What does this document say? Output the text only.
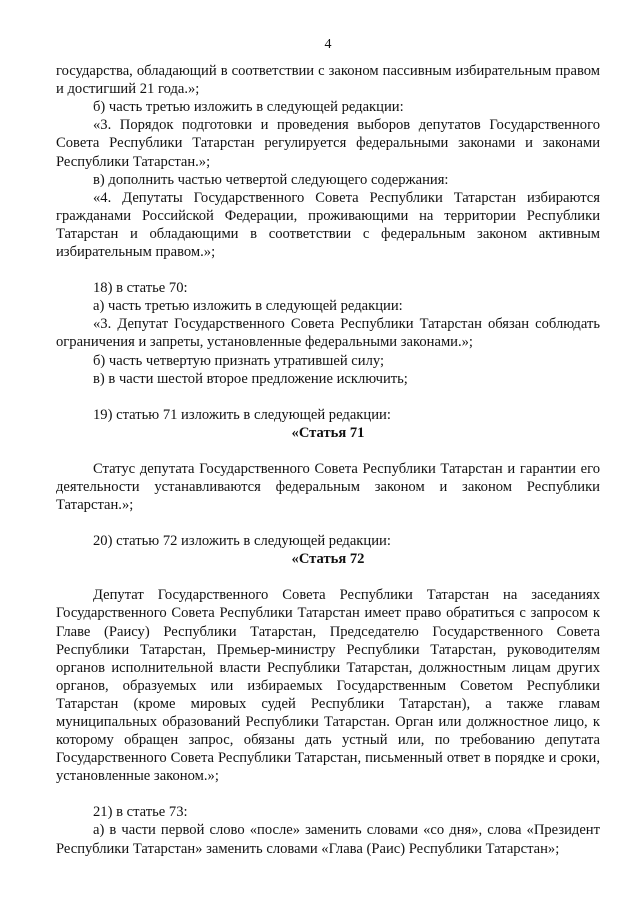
4

государства, обладающий в соответствии с законом пассивным избирательным правом и достигший 21 года.»;

б) часть третью изложить в следующей редакции:

«3. Порядок подготовки и проведения выборов депутатов Государственного Совета Республики Татарстан регулируется федеральными законами и законами Республики Татарстан.»;

в) дополнить частью четвертой следующего содержания:

«4. Депутаты Государственного Совета Республики Татарстан избираются гражданами Российской Федерации, проживающими на территории Республики Татарстан и обладающими в соответствии с федеральным законом активным избирательным правом.»;

18) в статье 70:

а) часть третью изложить в следующей редакции:

«3. Депутат Государственного Совета Республики Татарстан обязан соблюдать ограничения и запреты, установленные федеральными законами.»;

б) часть четвертую признать утратившей силу;

в) в части шестой второе предложение исключить;

19) статью 71 изложить в следующей редакции:

«Статья 71

Статус депутата Государственного Совета Республики Татарстан и гарантии его деятельности устанавливаются федеральным законом и законом Республики Татарстан.»;

20) статью 72 изложить в следующей редакции:

«Статья 72

Депутат Государственного Совета Республики Татарстан на заседаниях Государственного Совета Республики Татарстан имеет право обратиться с запросом к Главе (Раису) Республики Татарстан, Председателю Государственного Совета Республики Татарстан, Премьер-министру Республики Татарстан, руководителям органов исполнительной власти Республики Татарстан, должностным лицам других органов, образуемых или избираемых Государственным Советом Республики Татарстан (кроме мировых судей Республики Татарстан), а также главам муниципальных образований Республики Татарстан. Орган или должностное лицо, к которому обращен запрос, обязаны дать устный или, по требованию депутата Государственного Совета Республики Татарстан, письменный ответ в порядке и сроки, установленные законом.»;

21) в статье 73:

а) в части первой слово «после» заменить словами «со дня», слова «Президент Республики Татарстан» заменить словами «Глава (Раис) Республики Татарстан»;
